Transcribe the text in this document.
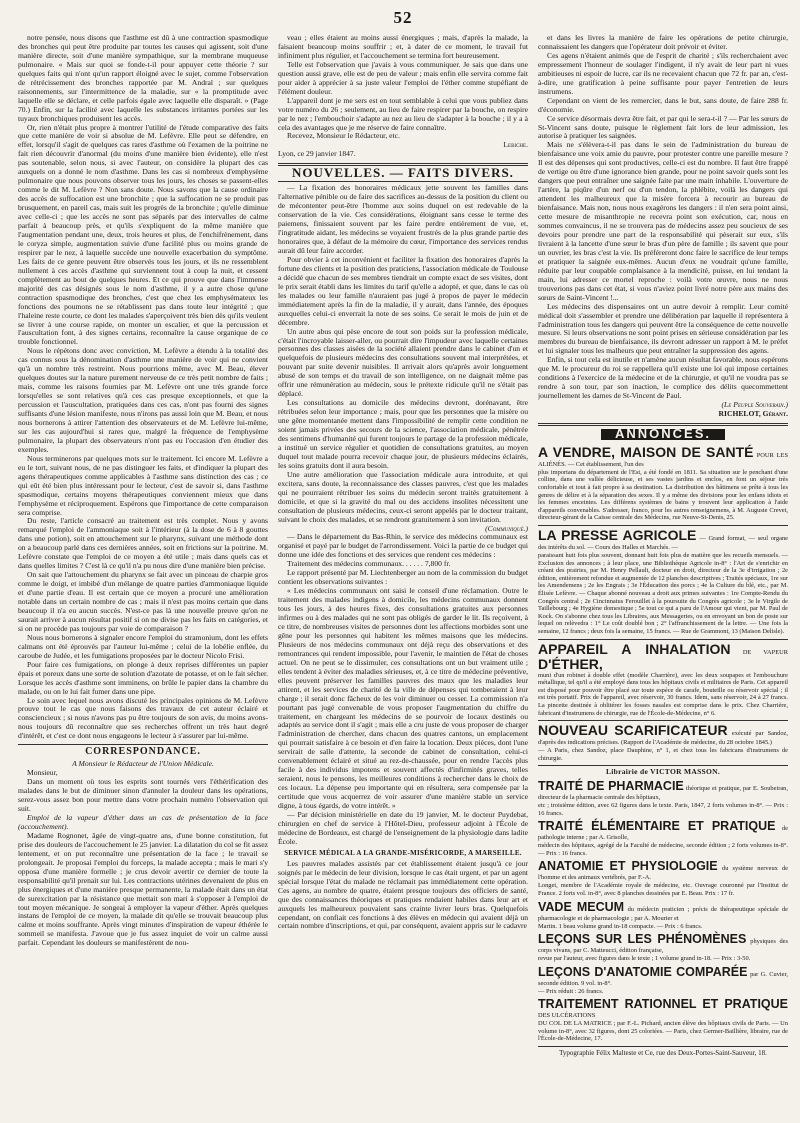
52

notre pensée, nous disons que l'asthme est dû à une contraction spasmodique des bronches qui peut être produite par toutes les causes qui agissent, soit d'une manière directe, soit d'une manière sympathique, sur la membrane muqueuse pulmonaire. « Mais sur quoi se fonde-t-il pour appuyer cette théorie ? sur quelques faits qui n'ont qu'un rapport éloigné avec le sujet, comme l'observation de rétrécissement des bronches rapportée par M. Andral ; sur quelques raisonnements, sur l'intermittence de la maladie, sur « la promptitude avec laquelle elle se déclare, et celle parfois égale avec laquelle elle disparaît. » (Page 70.) Enfin, sur la facilité avec laquelle les substances irritantes portées sur les tuyaux bronchiques produisent les accès.

Or, rien n'était plus propre à montrer l'utilité de l'étude comparative des faits que cette manière de voir si absolue de M. Lefèvre. Elle peut se défendre, en effet, lorsqu'il s'agit de quelques cas rares d'asthme où l'examen de la poitrine ne fait rien découvrir d'anormal (du moins d'une manière bien évidente), elle n'est pas soutenable, selon nous, si avec l'auteur, on considère la plupart des cas auxquels on a donné le nom d'asthme. Dans les cas si nombreux d'emphysème pulmonaire que nous pouvons observer tous les jours, les choses se passent-elles comme le dit M. Lefèvre ? Non sans doute. Nous savons que la cause ordinaire des accès de suffocation est une bronchite ; que la suffocation ne se produit pas brusquement, en pareil cas, mais suit les progrès de la bronchite ; qu'elle diminue avec celle-ci ; que les accès ne sont pas séparés par des intervalles de calme parfait à beaucoup près, et qu'ils s'expliquent de la même manière que l'augmentation pendant une, deux, trois heures et plus, de l'enchifrènement, dans le coryza simple, augmentation suivie d'une facilité plus ou moins grande de respirer par le nez, à laquelle succède une nouvelle exacerbation du symptôme. Les faits de ce genre peuvent être observés tous les jours, et ils ne ressemblent nullement à ces accès d'asthme qui surviennent tout à coup la nuit, et cessent complètement au bout de quelques heures. Et ce qui prouve que dans l'immense majorité des cas désignés sous le nom d'asthme, il y a autre chose qu'une contraction spasmodique des bronches, c'est que chez les emphysémateux les fonctions des poumons ne se rétablissent pas dans toute leur intégrité ; que l'haleine reste courte, ce dont les malades s'aperçoivent très bien dès qu'ils veulent se livrer à une course rapide, on monter un escalier, et que la percussion et l'auscultation font, à des signes certains, reconnaître la cause organique de ce trouble fonctionnel.

Nous le répétons donc avec conviction, M. Lefèvre a étendu à la totalité des cas connus sous la dénomination d'asthme une manière de voir qui ne convient qu'à un nombre très restreint. Nous pourrions même, avec M. Beau, élever quelques doutes sur la nature purement nerveuse de ce très petit nombre de faits ; mais, comme les raisons fournies par M. Lefèvre ont une très grande force lorsqu'elles se sont relatives qu'à ces cas presque exceptionnels, et que la percussion et l'auscultation, pratiquées dans ces cas, n'ont pas fourni des signes suffisants d'une lésion manifeste, nous n'irons pas aussi loin que M. Beau, et nous nous bornerons à attirer l'attention des observateurs et de M. Lefèvre lui-même, sur les cas aujourd'hui si rares que, malgré la fréquence de l'emphysème pulmonaire, la plupart des observateurs n'ont pas eu l'occasion d'en étudier des exemples.

Nous terminerons par quelques mots sur le traitement. Ici encore M. Lefèvre a eu le tort, suivant nous, de ne pas distinguer les faits, et d'indiquer la plupart des agens thérapeutiques comme applicables à l'asthme sans distinction des cas ; ce qui eût été bien plus intéressant pour le lecteur, c'est de savoir si, dans l'asthme spasmodique, certains moyens thérapeutiques conviennent mieux que dans l'emphysème et réciproquement. Espérons que l'importance de cette comparaison sera comprise.

Du reste, l'article consacré au traitement est très complet. Nous y avons remarqué l'emploi de l'ammoniaque soit à l'intérieur (à la dose de 6 à 8 gouttes dans une potion), soit en attouchement sur le pharynx, suivant une méthode dont on a beaucoup parlé dans ces dernières années, soit en frictions sur la poitrine. M. Lefèvre constate que l'emploi de ce moyen a été utile ; mais dans quels cas et dans quelles limites ? C'est là ce qu'il n'a pu nous dire d'une manière bien précise.

On sait que l'attouchement du pharynx se fait avec un pinceau de charpie gros comme le doigt, et imbibé d'un mélange de quatre parties d'ammoniaque liquide et d'une partie d'eau. Il est certain que ce moyen a procuré une amélioration notable dans un certain nombre de cas ; mais il n'est pas moins certain que dans beaucoup il n'a eu aucun succès. N'est-ce pas là une nouvelle preuve qu'on ne saurait arriver à aucun résultat positif si on ne divise pas les faits en catégories, et si on ne procède pas toujours par voie de comparaison ?

Nous nous bornerons à signaler encore l'emploi du stramonium, dont les effets calmans ont été éprouvés par l'auteur lui-même ; celui de la lobélie enflée, du caroube de Judée, et les fumigations proposées par le docteur Nicolo Frisi.

Pour faire ces fumigations, on plonge à deux reprises différentes un papier épais et poreux dans une sorte de solution d'azotate de potasse, et on le fait sécher. Lorsque les accès d'asthme sont imminens, on brûle le papier dans la chambre du malade, ou on le lui fait fumer dans une pipe.

Le soin avec lequel nous avons discuté les principales opinions de M. Lefèvre prouve tout le cas que nous faisons des travaux de cet auteur éclairé et consciencieux ; si nous n'avons pas pu être toujours de son avis, du moins avons-nous toujours dû reconnaître que ses recherches offrent un très haut degré d'intérêt, et c'est ce dont nous engageons le lecteur à s'assurer par lui-même.

CORRESPONDANCE.

A Monsieur le Rédacteur de l'Union Médicale.

Monsieur,

Dans un moment où tous les esprits sont tournés vers l'éthérification des malades dans le but de diminuer sinon d'annuler la douleur dans les opérations, serez-vous assez bon pour mettre dans votre prochain numéro l'observation qui suit.

Emploi de la vapeur d'éther dans un cas de présentation de la face (accouchement).

Madame Rognonet, âgée de vingt-quatre ans, d'une bonne constitution, fut prise des douleurs de l'accouchement le 25 janvier. La dilatation du col se fit assez lentement, et on put reconnaître une présentation de la face ; le travail se prolongeait. Je proposai l'emploi du forceps, la malade accepta ; mais le mari s'y opposa d'une manière formelle ; je crus devoir avertir ce dernier de toute la responsabilité qu'il prenait sur lui. Les contractions utérines devenaient de plus en plus énergiques et d'une manière presque permanente, la malade était dans un état de surexcitation par la résistance que mettait son mari à s'opposer à l'emploi de tout moyen mécanique. Je songeai à employer la vapeur d'éther. Après quelques instans de l'emploi de ce moyen, la malade dit qu'elle se trouvait beaucoup plus calme et moins souffrante. Après vingt minutes d'inspiration de vapeur éthérée le sommeil se manifesta. J'avoue que je fus assez inquiet de voir un calme aussi parfait. Cependant les douleurs se manifestèrent de nou-

veau ; elles étaient au moins aussi énergiques ; mais, d'après la malade, la faisaient beaucoup moins souffrir ; et, à dater de ce moment, le travail fut infiniment plus régulier, et l'accouchement se termina fort heureusement.

Telle est l'observation que j'avais à vous communiquer. Je sais que dans une question aussi grave, elle est de peu de valeur ; mais enfin elle servira comme fait pour aider à apprécier à sa juste valeur l'emploi de l'éther comme stupéfiant de l'élément douleur.

L'appareil dont je me sers est en tout semblable à celui que vous publiez dans votre numéro du 26 ; seulement, au lieu de faire respirer par la bouche, on respire par le nez ; l'embouchoir s'adapte au nez au lieu de s'adapter à la bouche ; il y a à cela des avantages que je me réserve de faire connaître.

Recevez, Monsieur le Rédacteur, etc.

Lebiche.

Lyon, ce 29 janvier 1847.

NOUVELLES. — FAITS DIVERS.

— La fixation des honoraires médicaux jette souvent les familles dans l'alternative pénible ou de faire des sacrifices au-dessus de la position du client ou de mécontenter peut-être l'homme aux soins duquel on est redevable de la conservation de la vie. Ces considérations, éloignant sans cesse le terme des paiemens, finissaient souvent par les faire perdre entièrement de vue, et, l'ingratitude aidant, les médecins se voyaient frustrés de la plus grande partie des honoraires que, à défaut de la mémoire du cœur, l'importance des services rendus aurait dû leur faire accorder.

Pour obvier à cet inconvénient et faciliter la fixation des honoraires d'après la fortune des clients et la position des praticiens, l'association médicale de Toulouse a décidé que chacun de ses membres tiendrait un compte exact de ses visites, dont le prix serait établi dans les limites du tarif qu'elle a adopté, et que, dans le cas où les malades ou leur famille n'auraient pas jugé à propos de payer le médecin immédiatement après la fin de la maladie, il y aurait, dans l'année, des époques auxquelles celui-ci enverrait la note de ses soins. Ce serait le mois de juin et de décembre.

Un autre abus qui pèse encore de tout son poids sur la profession médicale, c'était l'incroyable laisser-aller, ou pourrait dire l'impudeur avec laquelle certaines personnes des classes aisées de la société allaient prendre dans le cabinet d'un et quelquefois de plusieurs médecins des consultations souvent mal interprétées, et pouvant par suite devenir nuisibles. Il arrivait alors qu'après avoir longuement abusé de son temps et du travail de son intelligence, on ne daignait même pas offrir une rémunération au médecin, sous le prétexte ridicule qu'il ne s'était pas déplacé.

Les consultations au domicile des médecins devront, dorénavant, être rétribuées selon leur importance ; mais, pour que les personnes que la misère ou une gêne momentanée mettent dans l'impossibilité de remplir cette condition ne soient jamais privées des secours de la science, l'association médicale, pénétrée des sentimens d'humanité qui furent toujours le partage de la profession médicale, a institué un service régulier et quotidien de consultations gratuites, au moyen duquel tout malade pourra recevoir chaque jour, de plusieurs médecins éclairés, les soins gratuits dont il aura besoin.

Une autre amélioration que l'association médicale aura introduite, et qui excitera, sans doute, la reconnaissance des classes pauvres, c'est que les malades qui ne pourraient rétribuer les soins du médecin seront traités gratuitement à domicile, et que si la gravité du mal ou des accidens insolites nécessitent une consultation de plusieurs médecins, ceux-ci seront appelés par le docteur traitant, suivant le choix des malades, et se rendront gratuitement à son invitation.

(Communiqué.)

— Dans le département du Bas-Rhin, le service des médecins communaux est organisé et payé par le budget de l'arrondissement. Voici la partie de ce budget qui donne une idée des fonctions et des services que rendent ces médecins :

Traitement des médecins communaux. . . . . . 7,800 fr.

Le rapport présenté par M. Liechtenberger au nom de la commission du budget contient les observations suivantes :

« Les médecins communaux ont saisi le conseil d'une réclamation. Outre le traitement des malades indigens à domicile, les médecins communaux donnent tous les jours, à des heures fixes, des consultations gratuites aux personnes infirmes ou à des malades qui ne sont pas obligés de garder le lit. Ils reçoivent, à ce titre, de nombreuses visites de personnes dont les affections morbides sont une gêne pour les personnes qui habitent les mêmes maisons que les médecins. Plusieurs de nos médecins communaux ont déjà reçu des observations et des remontrances qui rendent impossible, pour l'avenir, le maintien de l'état de choses actuel. On ne peut se le dissimuler, ces consultations ont un but vraiment utile ; elles tendent à éviter des maladies sérieuses, et, à ce titre de médecine préventive, elles peuvent préserver les familles pauvres des maux que les maladies leur attirent, et les services de charité de la ville de dépenses qui tomberaient à leur charge ; il serait donc fâcheux de les voir diminuer ou cesser. La commission n'a pourtant pas jugé convenable de vous proposer l'augmentation du chiffre du traitement, en chargeant les médecins de se pourvoir de locaux destinés ou adaptés au service dont il s'agit ; mais elle a cru juste de vous proposer de charger l'administration de chercher, dans chacun des quatres cantons, un emplacement qui pourrait satisfaire à ce besoin et d'en faire la location. Deux pièces, dont l'une servirait de salle d'attente, la seconde de cabinet de consultation, celui-ci convenablement éclairé et situé au rez-de-chaussée, pour en rendre l'accès plus facile à des individus impotens et souvent affectés d'infirmités graves, telles seraient, nous le pensons, les meilleures conditions à rechercher dans le choix de ces locaux. La dépense peu importante qui en résultera, sera compensée par la certitude que vous acquerrez de voir assurer d'une manière stable un service digne, à tous égards, de votre intérêt. »

— Par décision ministérielle en date du 19 janvier, M. le docteur Puydebat, chirurgien en chef de service à l'Hôtel-Dieu, professeur adjoint à l'École de médecine de Bordeaux, est chargé de l'enseignement de la physiologie dans ladite École.

SERVICE MÉDICAL A LA GRANDE-MISÉRICORDE, A MARSEILLE.

Les pauvres malades assistés par cet établissement étaient jusqu'à ce jour soignés par le médecin de leur division, lorsque le cas était urgent, et par un agent spécial lorsque l'état du malade ne réclamait pas immédiatement cette opération. Ces agens, au nombre de quatre, étaient presque toujours des officiers de santé, que des connaissances théoriques et pratiques rendaient habiles dans leur art et auxquels les malheureux pouvaient sans crainte livrer leurs bras. Quelquefois cependant, on confiait ces fonctions à des élèves en médecin qui avaient déjà un certain nombre d'inscriptions, et qui, par conséquent, avaient appris sur le cadavre

et dans les livres la manière de faire les opérations de petite chirurgie, connaissaient les dangers que l'opérateur doit prévoir et éviter.

Ces agens n'étaient animés que de l'esprit de charité ; s'ils recherchaient avec empressement l'honneur de soulager l'indigent, il n'y avait de leur part ni vues ambitieuses ni espoir de lucre, car ils ne recevaient chacun que 72 fr. par an, c'est-à-dire, une gratification à peine suffisante pour payer l'entretien de leurs instrumens.

Cependant on vient de les remercier, dans le but, sans doute, de faire 288 fr. d'économie.

Ce service désormais devra être fait, et par qui le sera-t-il ? — Par les sœurs de St-Vincent sans doute, puisque le règlement fait lors de leur admission, les autorise à pratiquer les saignées.

Mais ne s'élèvera-t-il pas dans le sein de l'administration du bureau de bienfaisance une voix amie du pauvre, pour protester contre une pareille mesure ? Il est des dépenses qui sont productives, celle-ci est du nombre. Il faut être frappé de vertige ou être d'une ignorance bien grande, pour ne point savoir quels sont les dangers que peut entraîner une saignée faite par une main inhabile. L'ouverture de l'artère, la piqûre d'un nerf ou d'un tendon, la phlébite, voilà les dangers qui attendent les malheureux que la misère forcera à recourir au bureau de bienfaisance. Mais non, nous nous exagérons les dangers : il n'en sera point ainsi, cette mesure de misanthropie ne recevra point son exécution, car, nous en sommes convaincus, il ne se trouvera pas de médecins assez peu soucieux de ses devoirs pour prendre une part de la responsabilité qui pèserait sur eux, s'ils livraient à la lancette d'une sœur le bras d'un père de famille ; ils savent que pour un ouvrier, les bras c'est la vie. Ils préféreront donc faire le sacrifice de leur temps et pratiquer la saignée eux-mêmes. Aucun d'eux ne voudrait qu'une famille, réduite par leur coupable complaisance à la mendicité, puisse, en lui tendant la main, lui adresser ce mortel reproche : voilà votre œuvre, nous ne nous trouverions pas dans cet état, si vous n'aviez point livré notre père aux mains des sœurs de Saint-Vincent !...

Les médecins des dispensaires ont un autre devoir à remplir. Leur comité médical doit s'assembler et prendre une délibération par laquelle il représentera à l'administration tous les dangers qui peuvent être la conséquence de cette nouvelle mesure. Si leurs observations ne sont point prises en sérieuse considération par les membres du bureau de bienfaisance, ils devront adresser un rapport à M. le préfet et lui signaler tous les malheurs que peut entraîner la suppression des agens.

Enfin, si tout cela est inutile et n'amène aucun résultat favorable, nous espérons que M. le procureur du roi se rappellera qu'il existe une loi qui impose certaines conditions à l'exercice de la médecine et de la chirurgie, et qu'il ne voudra pas se rendre à son tour, par son inaction, le complice des délits quecommettent journellement les dames de St-Vincent de Paul.

(Le Peuple Souverain.)

RICHELOT, Gérant.

ANNONCES.

A VENDRE, MAISON DE SANTÉ POUR LES ALIÉNÉS. — Cet établissement, l'un des

plus importans du département de l'Est, a été fondé en 1811. Sa situation sur le penchant d'une colline, dans une vallée délicieuse, et ses vastes jardins et enclos, en font un séjour très confortable et tout à fait propre à sa destination. La distribution des bâtimens se prête à tous les genres de délire et à la séparation des sexes. Il y a même des divisions pour les enfans idiots et les femmes enceintes. Les différens systèmes de bains y trouvent leur application à l'aide d'appareils convenables. S'adresser, franco, pour les autres renseignemens, à M. Auguste Crevet, directeur-gérant de la Caisse centrale des Médecins, rue Neuve-St-Denis, 25.

LA PRESSE AGRICOLE — Grand format, — seul organe des intérêts du sol. — Cours des Halles et Marchés. —

paraissant huit fois plus souvent, donnant huit fois plus de matière que les recueils mensuels. — Exclusion des annonces ; à leur place, une Bibliothèque Agricole in-8° : l'Art de s'enrichir en créant des prairies, par M. Henry Pellault, docteur en droit, directeur de la 3e d'irrigation ; 2e édition, entièrement refondue et augmentée de 12 planches descriptives ; Traités spéciaux, 1re sur les Amendemens ; 2e les Engrais ; 3e l'Éducation des porcs ; 4e la Culture du blé, etc., par M. Élisée Lefèvre. — Chaque abonné nouveau a droit aux primes suivantes : 1re Compte-Rendu du Congrès central ; 2e Cincinnatus Ferouillet à la poursuite du Congrès agricole ; 3e le Virgile de Taillebourg ; 4e Hygiène domestique ; 5e tout ce qui a paru de l'Amour qui vient, par M. Paul de Kock. On s'abonne chez tous les Libraires, aux Messageries, ou en envoyant un bon de poste sur lequel on relèvedra : 1° Le coût doublé bon ; 2° l'affranchissement de la lettre. — Une fois la semaine, 12 francs ; deux fois la semaine, 15 francs. — Rue de Grammont, 13 (Maison Delisle).

APPAREIL A INHALATION DE VAPEUR D'ÉTHER,

muni d'un robinet à double effet (modèle Charrière), avec les deux soupapes et l'embouchure métallique, tel qu'il a été employé dans tous les hôpitaux civils et militaires de Paris. Cet appareil est disposé pour pouvoir être placé sur toute espèce de carafe, bouteille ou réservoir spécial ; il est très portatif. Prix de l'appareil, avec réservoir, 30 francs. Idem, sans réservoir, 24 à 27 francs. La pincette destinée à oblitérer les fosses nasales est comprise dans le prix. Chez Charrière, fabricant d'instrumens de chirurgie, rue de l'École-de-Médecine, n° 6.

NOUVEAU SCARIFICATEUR exécuté par Sandoz, d'après des indications précises. (Rapport de l'Académie de médecine, du 28 octobre 1845.)

— A Paris, chez Sandoz, place Dauphine, n° 1, et chez tous les fabricans d'instrumens de chirurgie.

Librairie de VICTOR MASSON.

TRAITÉ DE PHARMACIE théorique et pratique, par E. Soubeiran, directeur de la pharmacie centrale des hôpitaux,

etc ; troisième édition, avec 62 figures dans le texte. Paris, 1847, 2 forts volumes in-8°. — Prix : 16 francs.

TRAITÉ ÉLÉMENTAIRE ET PRATIQUE de pathologie interne ; par A. Grisolle,

médecin des hôpitaux, agrégé de la Faculté de médecine, seconde édition ; 2 forts volumes in-8°. — Prix : 16 francs.

ANATOMIE ET PHYSIOLOGIE du système nerveux de l'homme et des animaux vertébrés, par F.-A.

Longet, membre de l'Académie royale de médecine, etc. Ouvrage couronné par l'Institut de France. 2 forts vol. in-8°, avec 8 planches dessinées par E. Beau. Prix : 17 fr.

VADE MECUM du médecin praticien ; précis de thérapeutique spéciale de pharmacologie et de pharmacologie ; par A. Mourier et

Martin. 1 beau volume grand in-18 compacte. — Prix : 6 francs.

LEÇONS SUR LES PHÉNOMÈNES physiques des corps vivans, par C. Matteucci, édition française,

revue par l'auteur, avec figures dans le texte ; 1 volume grand in-18. — Prix : 3-50.

LEÇONS D'ANATOMIE COMPARÉE par G. Cuvier, seconde édition. 9 vol. in-8°.

— Prix réduit : 26 francs.

TRAITEMENT RATIONNEL ET PRATIQUE DES ULCÉRATIONS

DU COL DE LA MATRICE ; par F.-L. Pichard, ancien élève des hôpitaux civils de Paris. — Un volume in-8°, avec 32 figures, dont 25 coloriées. — Paris, chez Germer-Baillière, libraire, rue de l'École-de-Médecine, 17.

Typographie Félix Malteste et Ce, rue des Deux-Portes-Saint-Sauveur, 18.
